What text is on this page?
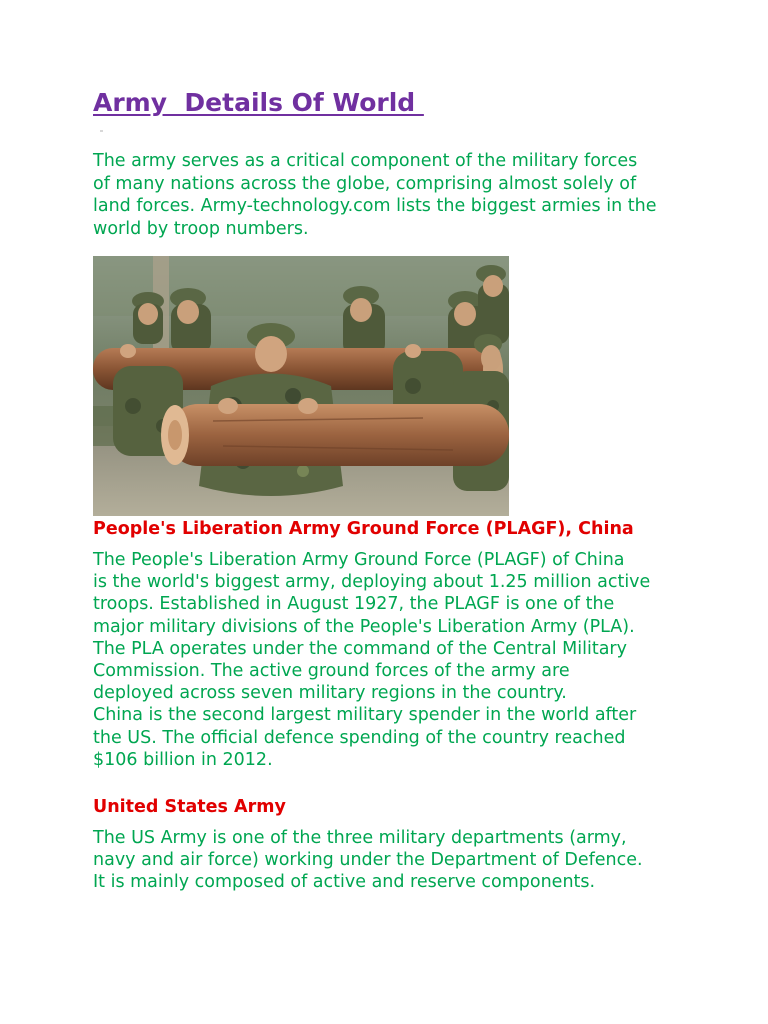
Army  Details Of World

The army serves as a critical component of the military forces

of many nations across the globe, comprising almost solely of

land forces. Army-technology.com lists the biggest armies in the

world by troop numbers.

People's Liberation Army Ground Force (PLAGF), China

The People's Liberation Army Ground Force (PLAGF) of China

is the world's biggest army, deploying about 1.25 million active

troops. Established in August 1927, the PLAGF is one of the

major military divisions of the People's Liberation Army (PLA).

The PLA operates under the command of the Central Military

Commission. The active ground forces of the army are

deployed across seven military regions in the country.

China is the second largest military spender in the world after

the US. The official defence spending of the country reached

$106 billion in 2012.

United States Army

The US Army is one of the three military departments (army,

navy and air force) working under the Department of Defence.

It is mainly composed of active and reserve components.
